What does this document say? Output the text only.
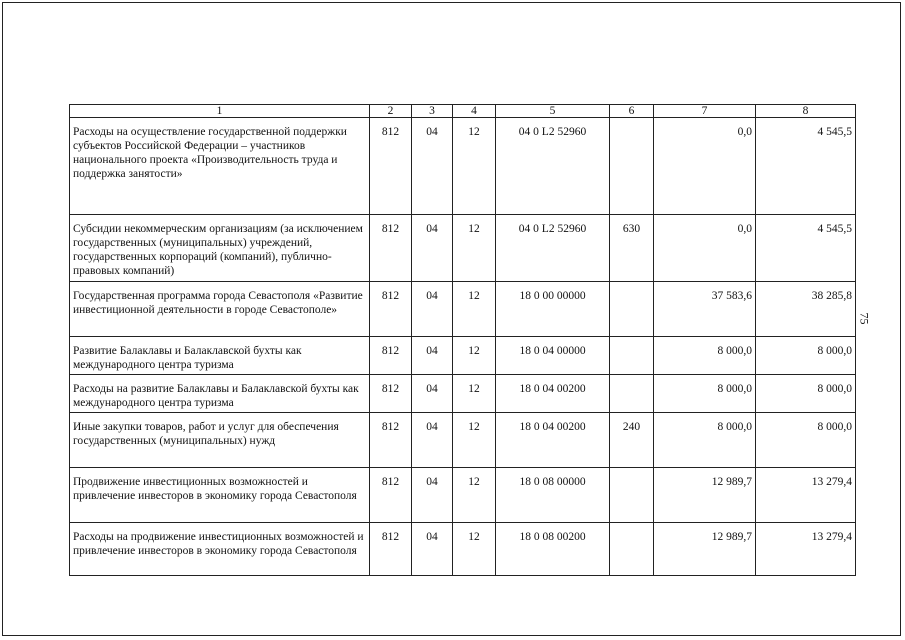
1	2	3	4	5	6	7	8
Расходы на осуществление государственной поддержки субъектов Российской Федерации – участников национального проекта «Производительность труда и поддержка занятости»	812	04	12	04 0 L2 52960		0,0	4 545,5
Субсидии некоммерческим организациям (за исключением государственных (муниципальных) учреждений, государственных корпораций (компаний), публично-правовых компаний)	812	04	12	04 0 L2 52960	630	0,0	4 545,5
Государственная программа города Севастополя «Развитие инвестиционной деятельности в городе Севастополе»	812	04	12	18 0 00 00000		37 583,6	38 285,8
Развитие Балаклавы и Балаклавской бухты как международного центра туризма	812	04	12	18 0 04 00000		8 000,0	8 000,0
Расходы на развитие Балаклавы и Балаклавской бухты как международного центра туризма	812	04	12	18 0 04 00200		8 000,0	8 000,0
Иные закупки товаров, работ и услуг для обеспечения государственных (муниципальных) нужд	812	04	12	18 0 04 00200	240	8 000,0	8 000,0
Продвижение инвестиционных возможностей и привлечение инвесторов в экономику города Севастополя	812	04	12	18 0 08 00000		12 989,7	13 279,4
Расходы на продвижение инвестиционных возможностей и привлечение инвесторов в экономику города Севастополя	812	04	12	18 0 08 00200		12 989,7	13 279,4
75
